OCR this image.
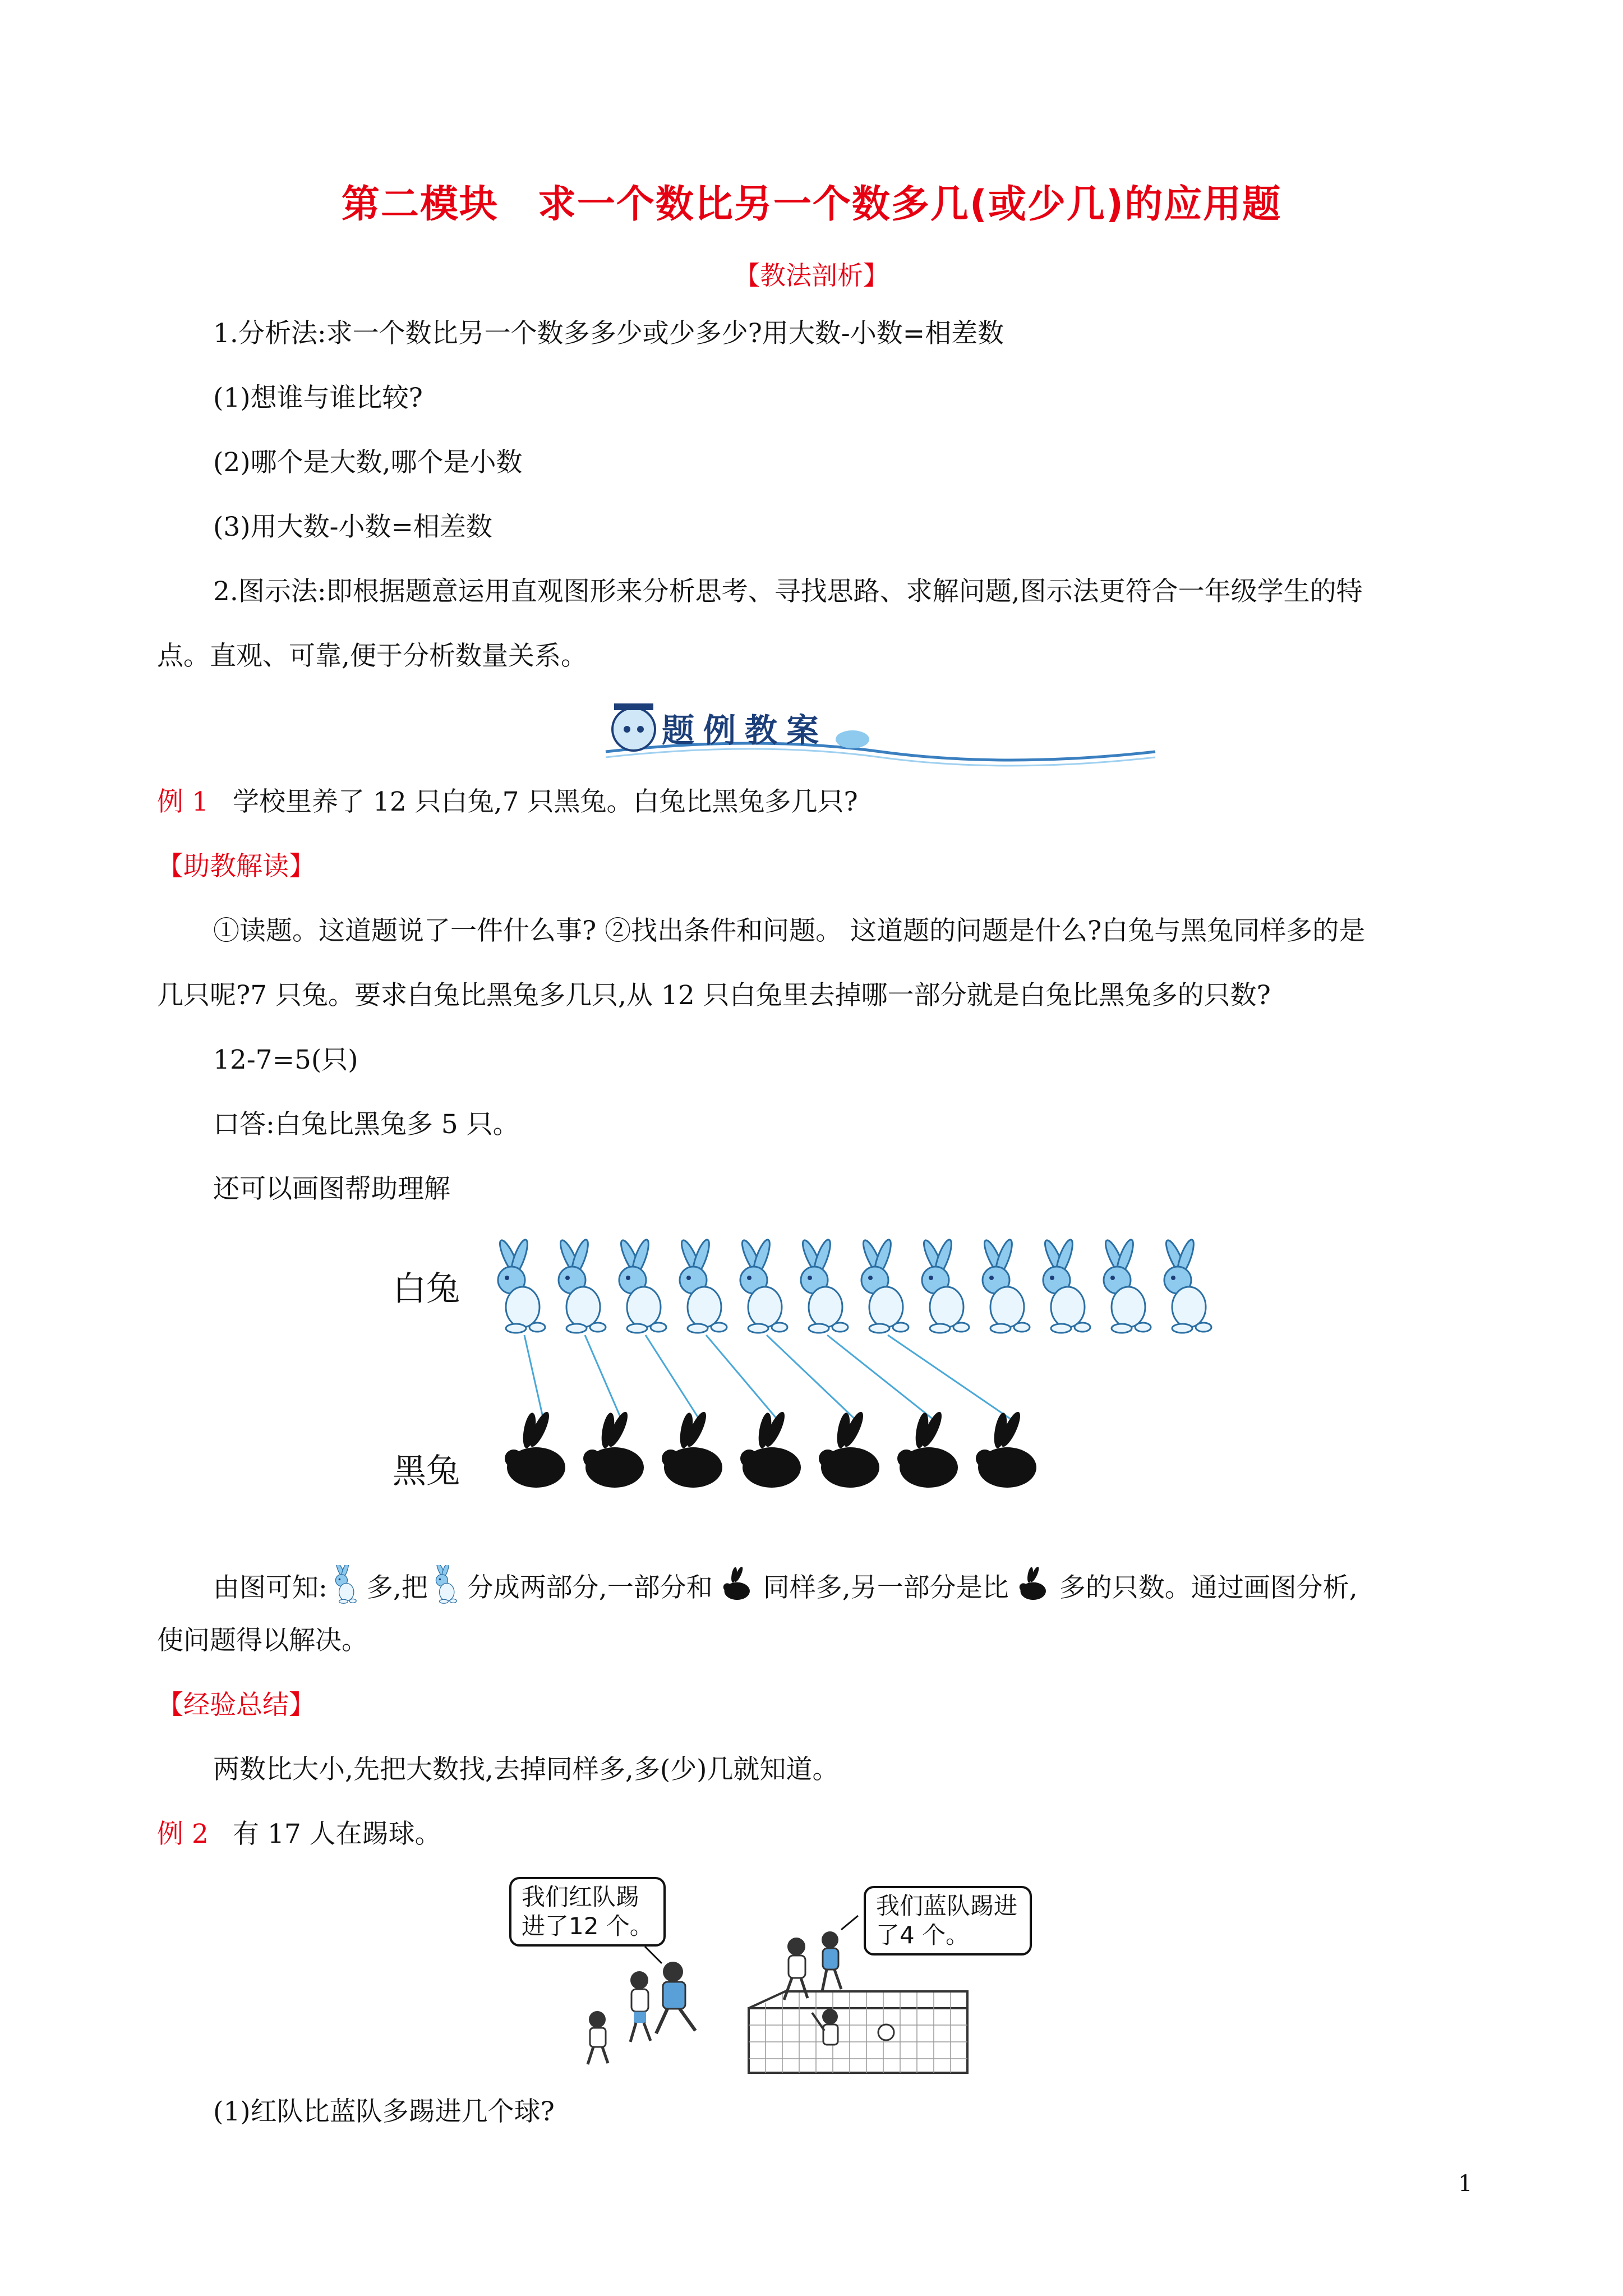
第二模块　求一个数比另一个数多几(或少几)的应用题
【教法剖析】
1.分析法:求一个数比另一个数多多少或少多少?用大数-小数=相差数
(1)想谁与谁比较?
(2)哪个是大数,哪个是小数
(3)用大数-小数=相差数
2.图示法:即根据题意运用直观图形来分析思考、寻找思路、求解问题,图示法更符合一年级学生的特
点。直观、可靠,便于分析数量关系。
题例教案
例 1 学校里养了 12 只白兔,7 只黑兔。白兔比黑兔多几只?
【助教解读】
①读题。这道题说了一件什么事? ②找出条件和问题。 这道题的问题是什么?白兔与黑兔同样多的是
几只呢?7 只兔。要求白兔比黑兔多几只,从 12 只白兔里去掉哪一部分就是白兔比黑兔多的只数?
12-7=5(只)
口答:白兔比黑兔多 5 只。
还可以画图帮助理解
白兔
黑兔
由图可知: 多,把 分成两部分,一部分和 同样多,另一部分是比 多的只数。通过画图分析,
使问题得以解决。
【经验总结】
两数比大小,先把大数找,去掉同样多,多(少)几就知道。
例 2 有 17 人在踢球。
我们红队踢
进了12 个。
我们蓝队踢进了4 个。
(1)红队比蓝队多踢进几个球?
1
